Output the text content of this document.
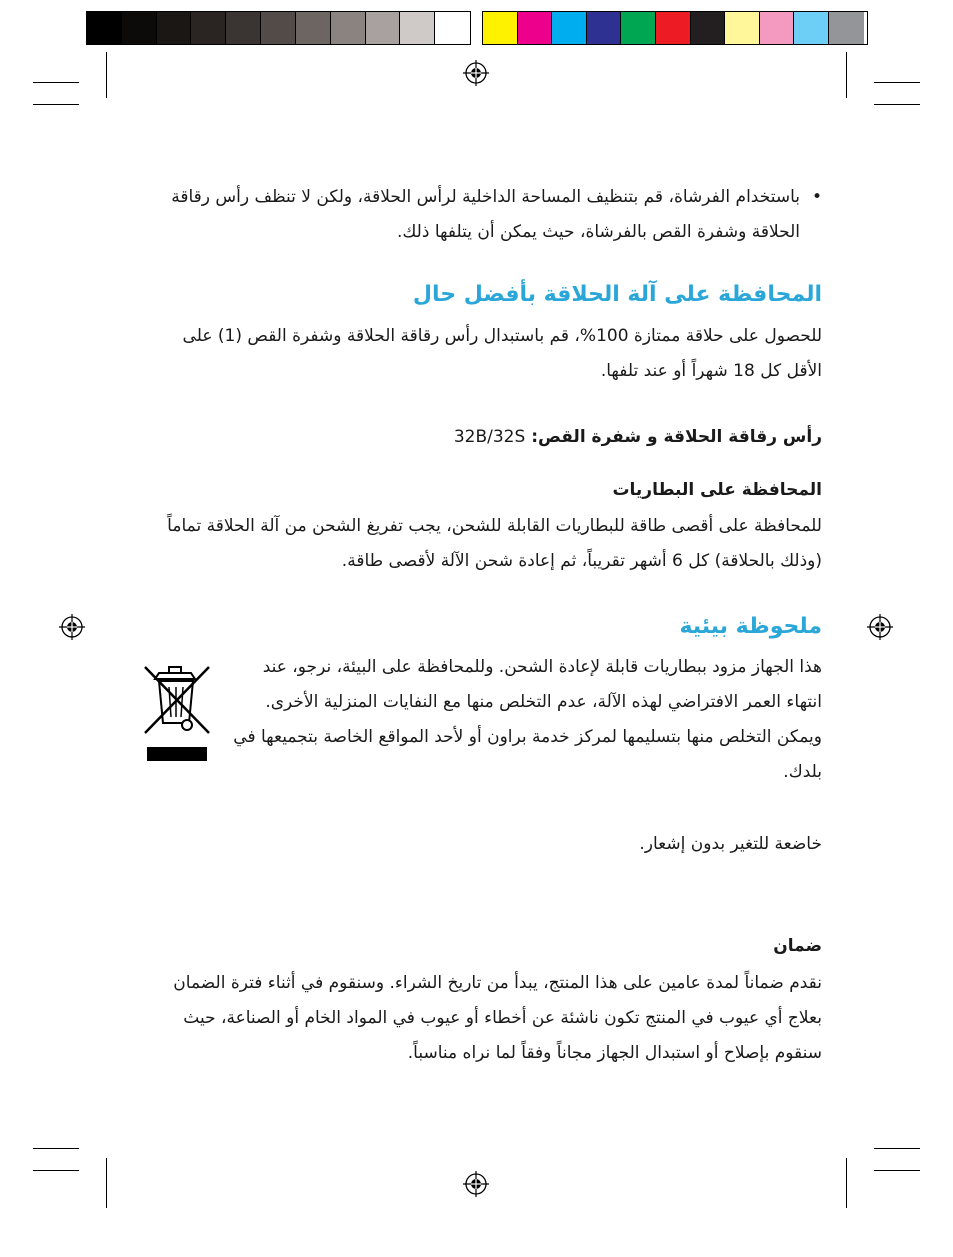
• باستخدام الفرشاة، قم بتنظيف المساحة الداخلية لرأس الحلاقة، ولكن لا تنظف رأس رقاقة الحلاقة وشفرة القص بالفرشاة، حيث يمكن أن يتلفها ذلك.
المحافظة على آلة الحلاقة بأفضل حال
للحصول على حلاقة ممتازة 100%، قم باستبدال رأس رقاقة الحلاقة وشفرة القص (1) على الأقل كل 18 شهراً أو عند تلفها.
رأس رقاقة الحلاقة و شفرة القص: 32B/32S
المحافظة على البطاريات
للمحافظة على أقصى طاقة للبطاريات القابلة للشحن، يجب تفريغ الشحن من آلة الحلاقة تماماً (وذلك بالحلاقة) كل 6 أشهر تقريباً، ثم إعادة شحن الآلة لأقصى طاقة.
ملحوظة بيئية
هذا الجهاز مزود ببطاريات قابلة لإعادة الشحن. وللمحافظة على البيئة، نرجو، عند انتهاء العمر الافتراضي لهذه الآلة، عدم التخلص منها مع النفايات المنزلية الأخرى. ويمكن التخلص منها بتسليمها لمركز خدمة براون أو لأحد المواقع الخاصة بتجميعها في بلدك.
خاضعة للتغير بدون إشعار.
ضمان
نقدم ضماناً لمدة عامين على هذا المنتج، يبدأ من تاريخ الشراء. وسنقوم في أثناء فترة الضمان بعلاج أي عيوب في المنتج تكون ناشئة عن أخطاء أو عيوب في المواد الخام أو الصناعة، حيث سنقوم بإصلاح أو استبدال الجهاز مجاناً وفقاً لما نراه مناسباً.
